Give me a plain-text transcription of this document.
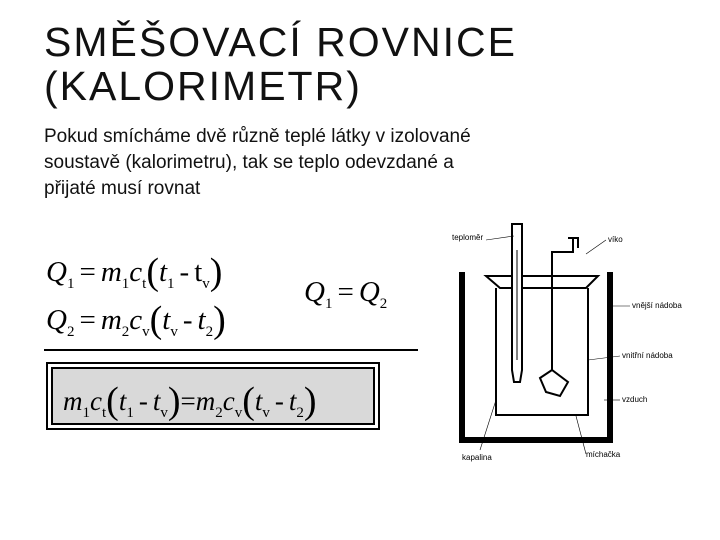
SMĚŠOVACÍ ROVNICE
(KALORIMETR)

Pokud smícháme dvě různě teplé látky v izolované
soustavě (kalorimetru), tak se teplo odevzdané a
přijaté musí rovnat

$Q_1 = m_1c_t(t_1 - t_v)$
$Q_2 = m_2c_v(t_v - t_2)$
$Q_1 = Q_2$
$m_1c_t(t_1 - t_v)=m_2c_v(t_v - t_2)$
teploměr	víko
vnější nádoba
vnitřní nádoba
vzduch
kapalina	míchačka
